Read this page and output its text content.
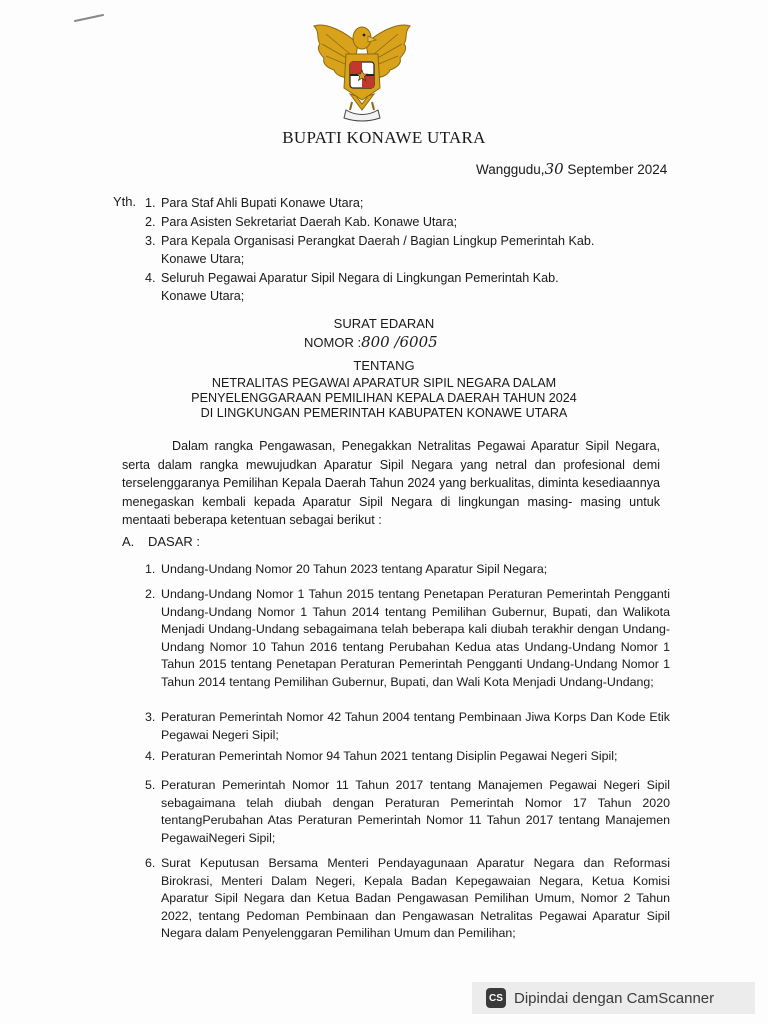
BUPATI KONAWE UTARA
Wanggudu,30 September 2024
Yth. 1. Para Staf Ahli Bupati Konawe Utara;
2. Para Asisten Sekretariat Daerah Kab. Konawe Utara;
3. Para Kepala Organisasi Perangkat Daerah / Bagian Lingkup Pemerintah Kab. Konawe Utara;
4. Seluruh Pegawai Aparatur Sipil Negara di Lingkungan Pemerintah Kab. Konawe Utara;
SURAT EDARAN
NOMOR :800 /6005
TENTANG
NETRALITAS PEGAWAI APARATUR SIPIL NEGARA DALAM
PENYELENGGARAAN PEMILIHAN KEPALA DAERAH TAHUN 2024
DI LINGKUNGAN PEMERINTAH KABUPATEN KONAWE UTARA
Dalam rangka Pengawasan, Penegakkan Netralitas Pegawai Aparatur Sipil Negara, serta dalam rangka mewujudkan Aparatur Sipil Negara yang netral dan profesional demi terselenggaranya Pemilihan Kepala Daerah Tahun 2024 yang berkualitas, diminta kesediaannya menegaskan kembali kepada Aparatur Sipil Negara di lingkungan masing- masing untuk mentaati beberapa ketentuan sebagai berikut :
A. DASAR :
1. Undang-Undang Nomor 20 Tahun 2023 tentang Aparatur Sipil Negara;
2. Undang-Undang Nomor 1 Tahun 2015 tentang Penetapan Peraturan Pemerintah Pengganti Undang-Undang Nomor 1 Tahun 2014 tentang Pemilihan Gubernur, Bupati, dan Walikota Menjadi Undang-Undang sebagaimana telah beberapa kali diubah terakhir dengan Undang- Undang Nomor 10 Tahun 2016 tentang Perubahan Kedua atas Undang-Undang Nomor 1 Tahun 2015 tentang Penetapan Peraturan Pemerintah Pengganti Undang-Undang Nomor 1 Tahun 2014 tentang Pemilihan Gubernur, Bupati, dan Wali Kota Menjadi Undang-Undang;
3. Peraturan Pemerintah Nomor 42 Tahun 2004 tentang Pembinaan Jiwa Korps Dan Kode Etik Pegawai Negeri Sipil;
4. Peraturan Pemerintah Nomor 94 Tahun 2021 tentang Disiplin Pegawai Negeri Sipil;
5. Peraturan Pemerintah Nomor 11 Tahun 2017 tentang Manajemen Pegawai Negeri Sipil sebagaimana telah diubah dengan Peraturan Pemerintah Nomor 17 Tahun 2020 tentangPerubahan Atas Peraturan Pemerintah Nomor 11 Tahun 2017 tentang Manajemen PegawaiNegeri Sipil;
6. Surat Keputusan Bersama Menteri Pendayagunaan Aparatur Negara dan Reformasi Birokrasi, Menteri Dalam Negeri, Kepala Badan Kepegawaian Negara, Ketua Komisi Aparatur Sipil Negara dan Ketua Badan Pengawasan Pemilihan Umum, Nomor 2 Tahun 2022, tentang Pedoman Pembinaan dan Pengawasan Netralitas Pegawai Aparatur Sipil Negara dalam Penyelenggaran Pemilihan Umum dan Pemilihan;
CS Dipindai dengan CamScanner
